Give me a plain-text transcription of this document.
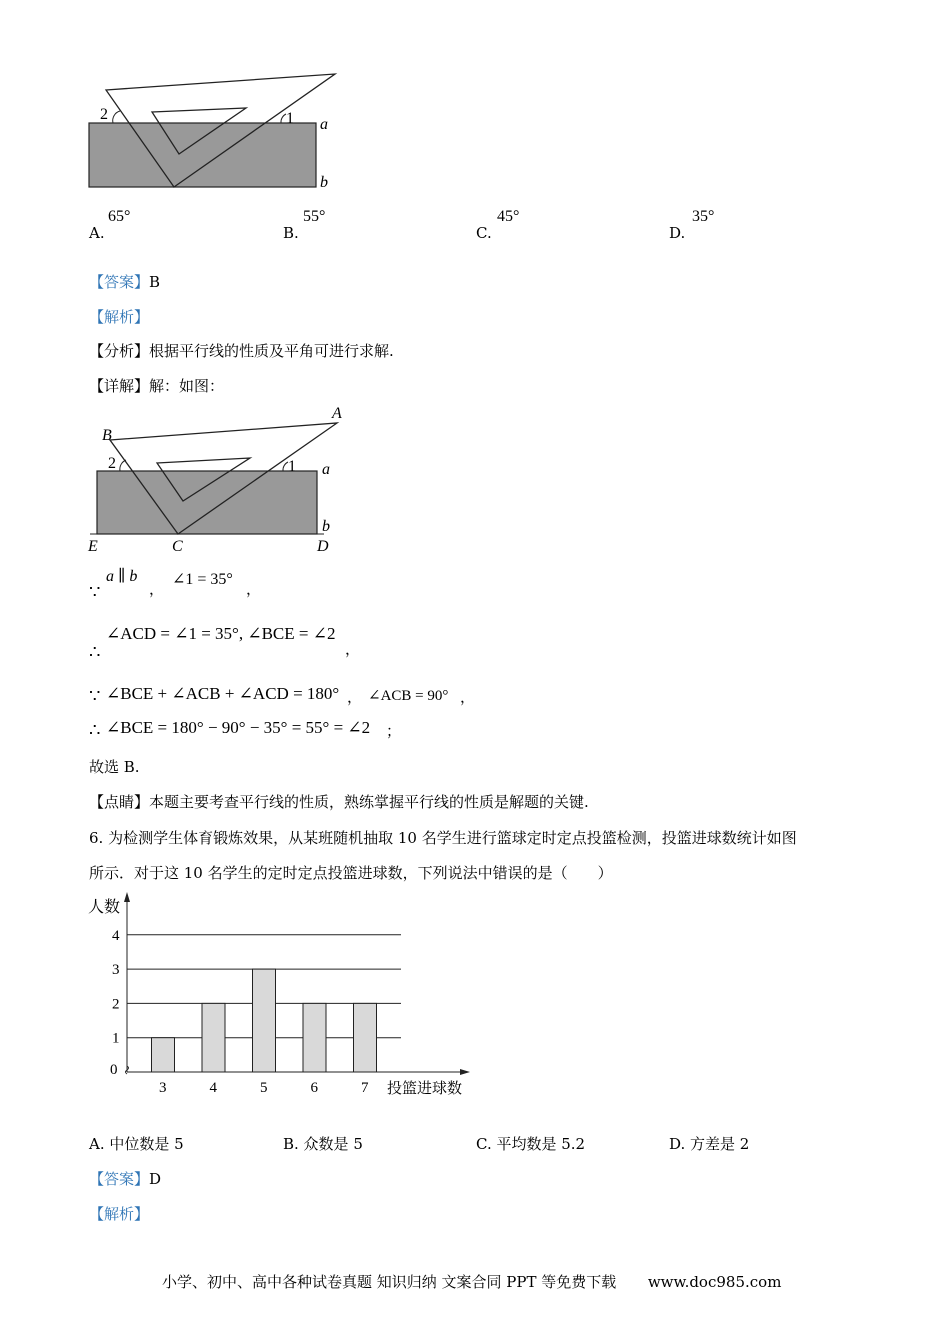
2	1 a
b
A.
65°
B.
55°
C.
45°
D.
35°
【答案】B
【解析】
【分析】根据平行线的性质及平角可进行求解.
【详解】解：如图：
A
B
2	1 a
b
E	C	D
∵
a ∥ b
，
∠1 = 35°
，
∴
∠ACD = ∠1 = 35°, ∠BCE = ∠2
，
∵ ∠BCE + ∠ACB + ∠ACD = 180° ， ∠ACB = 90° ，
∴ ∠BCE = 180° − 90° − 35° = 55° = ∠2 ；
故选 B.
【点睛】本题主要考查平行线的性质，熟练掌握平行线的性质是解题的关键.
6. 为检测学生体育锻炼效果，从某班随机抽取 10 名学生进行篮球定时定点投篮检测，投篮进球数统计如图
所示．对于这 10 名学生的定时定点投篮进球数，下列说法中错误的是（　　）
3	4	5	6	7
0
1
2
3
4
人数
投篮进球数
A. 中位数是 5	B. 众数是 5	C. 平均数是 5.2	D. 方差是 2
【答案】D
【解析】
小学、初中、高中各种试卷真题 知识归纳 文案合同 PPT 等免费下载 www.doc985.com
